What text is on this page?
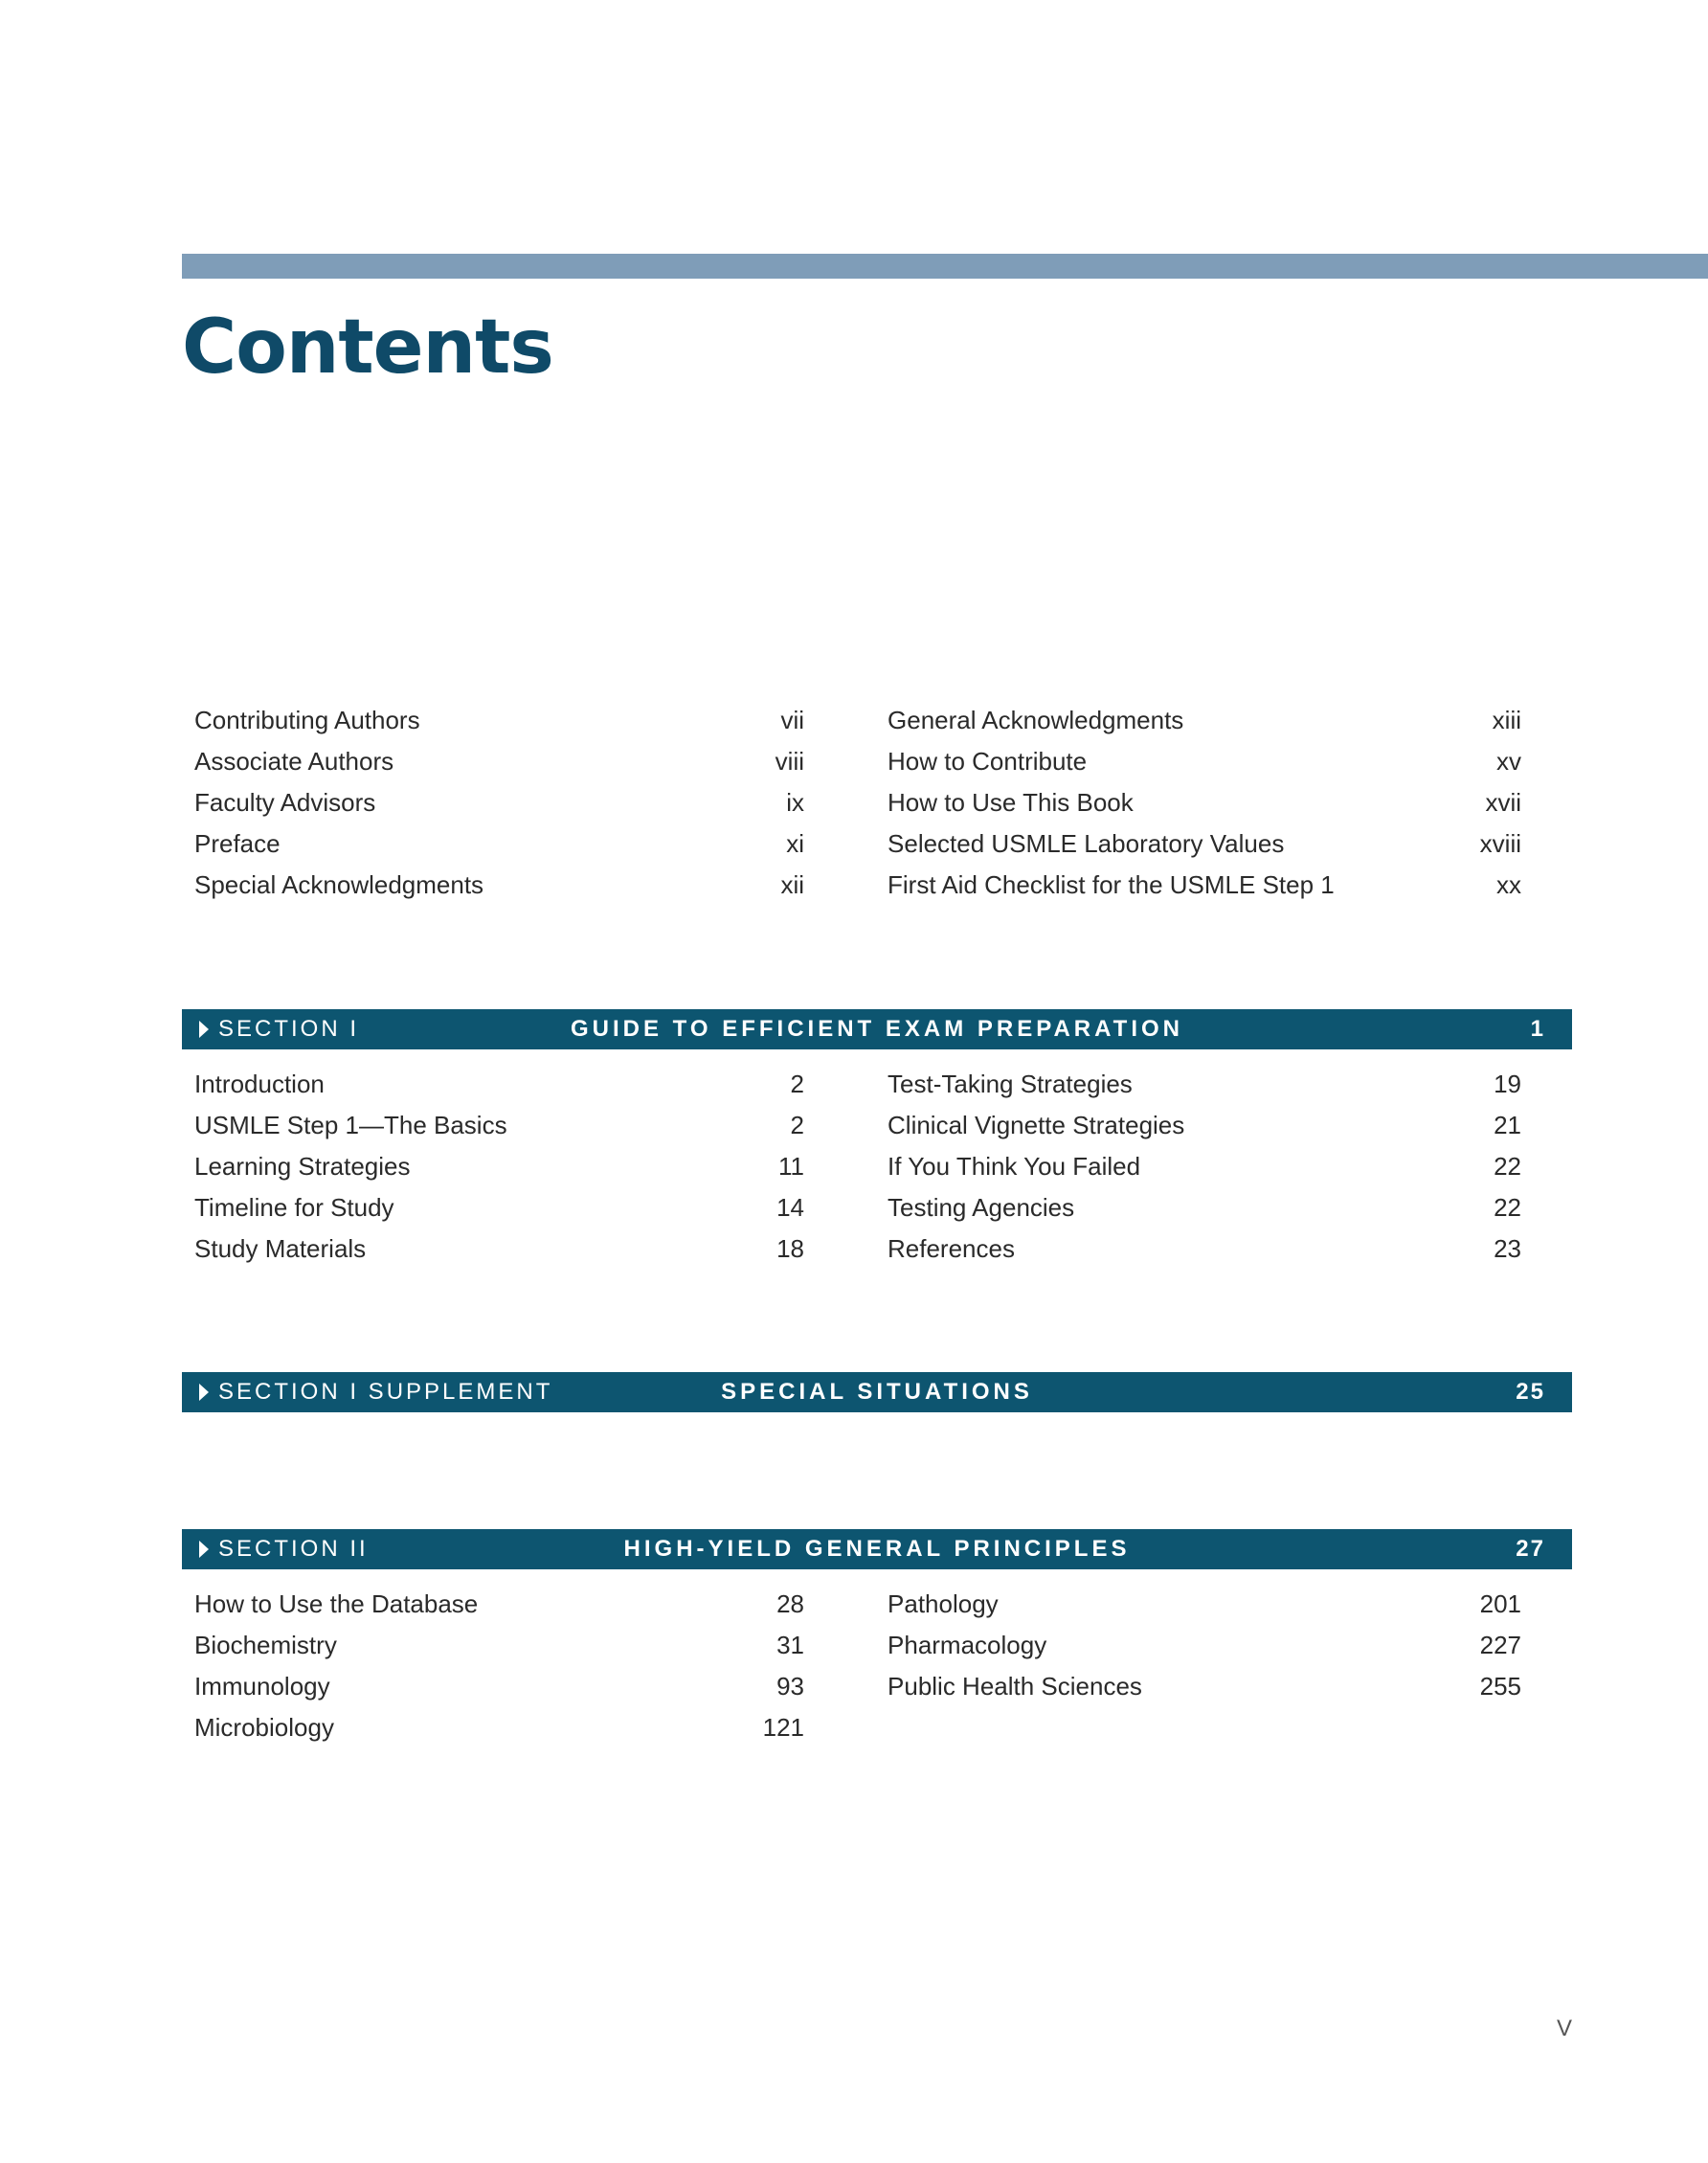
Contents
Contributing Authors	vii
Associate Authors	viii
Faculty Advisors	ix
Preface	xi
Special Acknowledgments	xii
General Acknowledgments	xiii
How to Contribute	xv
How to Use This Book	xvii
Selected USMLE Laboratory Values	xviii
First Aid Checklist for the USMLE Step 1	xx
SECTION I	GUIDE TO EFFICIENT EXAM PREPARATION	1
Introduction	2
USMLE Step 1—The Basics	2
Learning Strategies	11
Timeline for Study	14
Study Materials	18
Test-Taking Strategies	19
Clinical Vignette Strategies	21
If You Think You Failed	22
Testing Agencies	22
References	23
SECTION I SUPPLEMENT	SPECIAL SITUATIONS	25
SECTION II	HIGH-YIELD GENERAL PRINCIPLES	27
How to Use the Database	28
Biochemistry	31
Immunology	93
Microbiology	121
Pathology	201
Pharmacology	227
Public Health Sciences	255
V
